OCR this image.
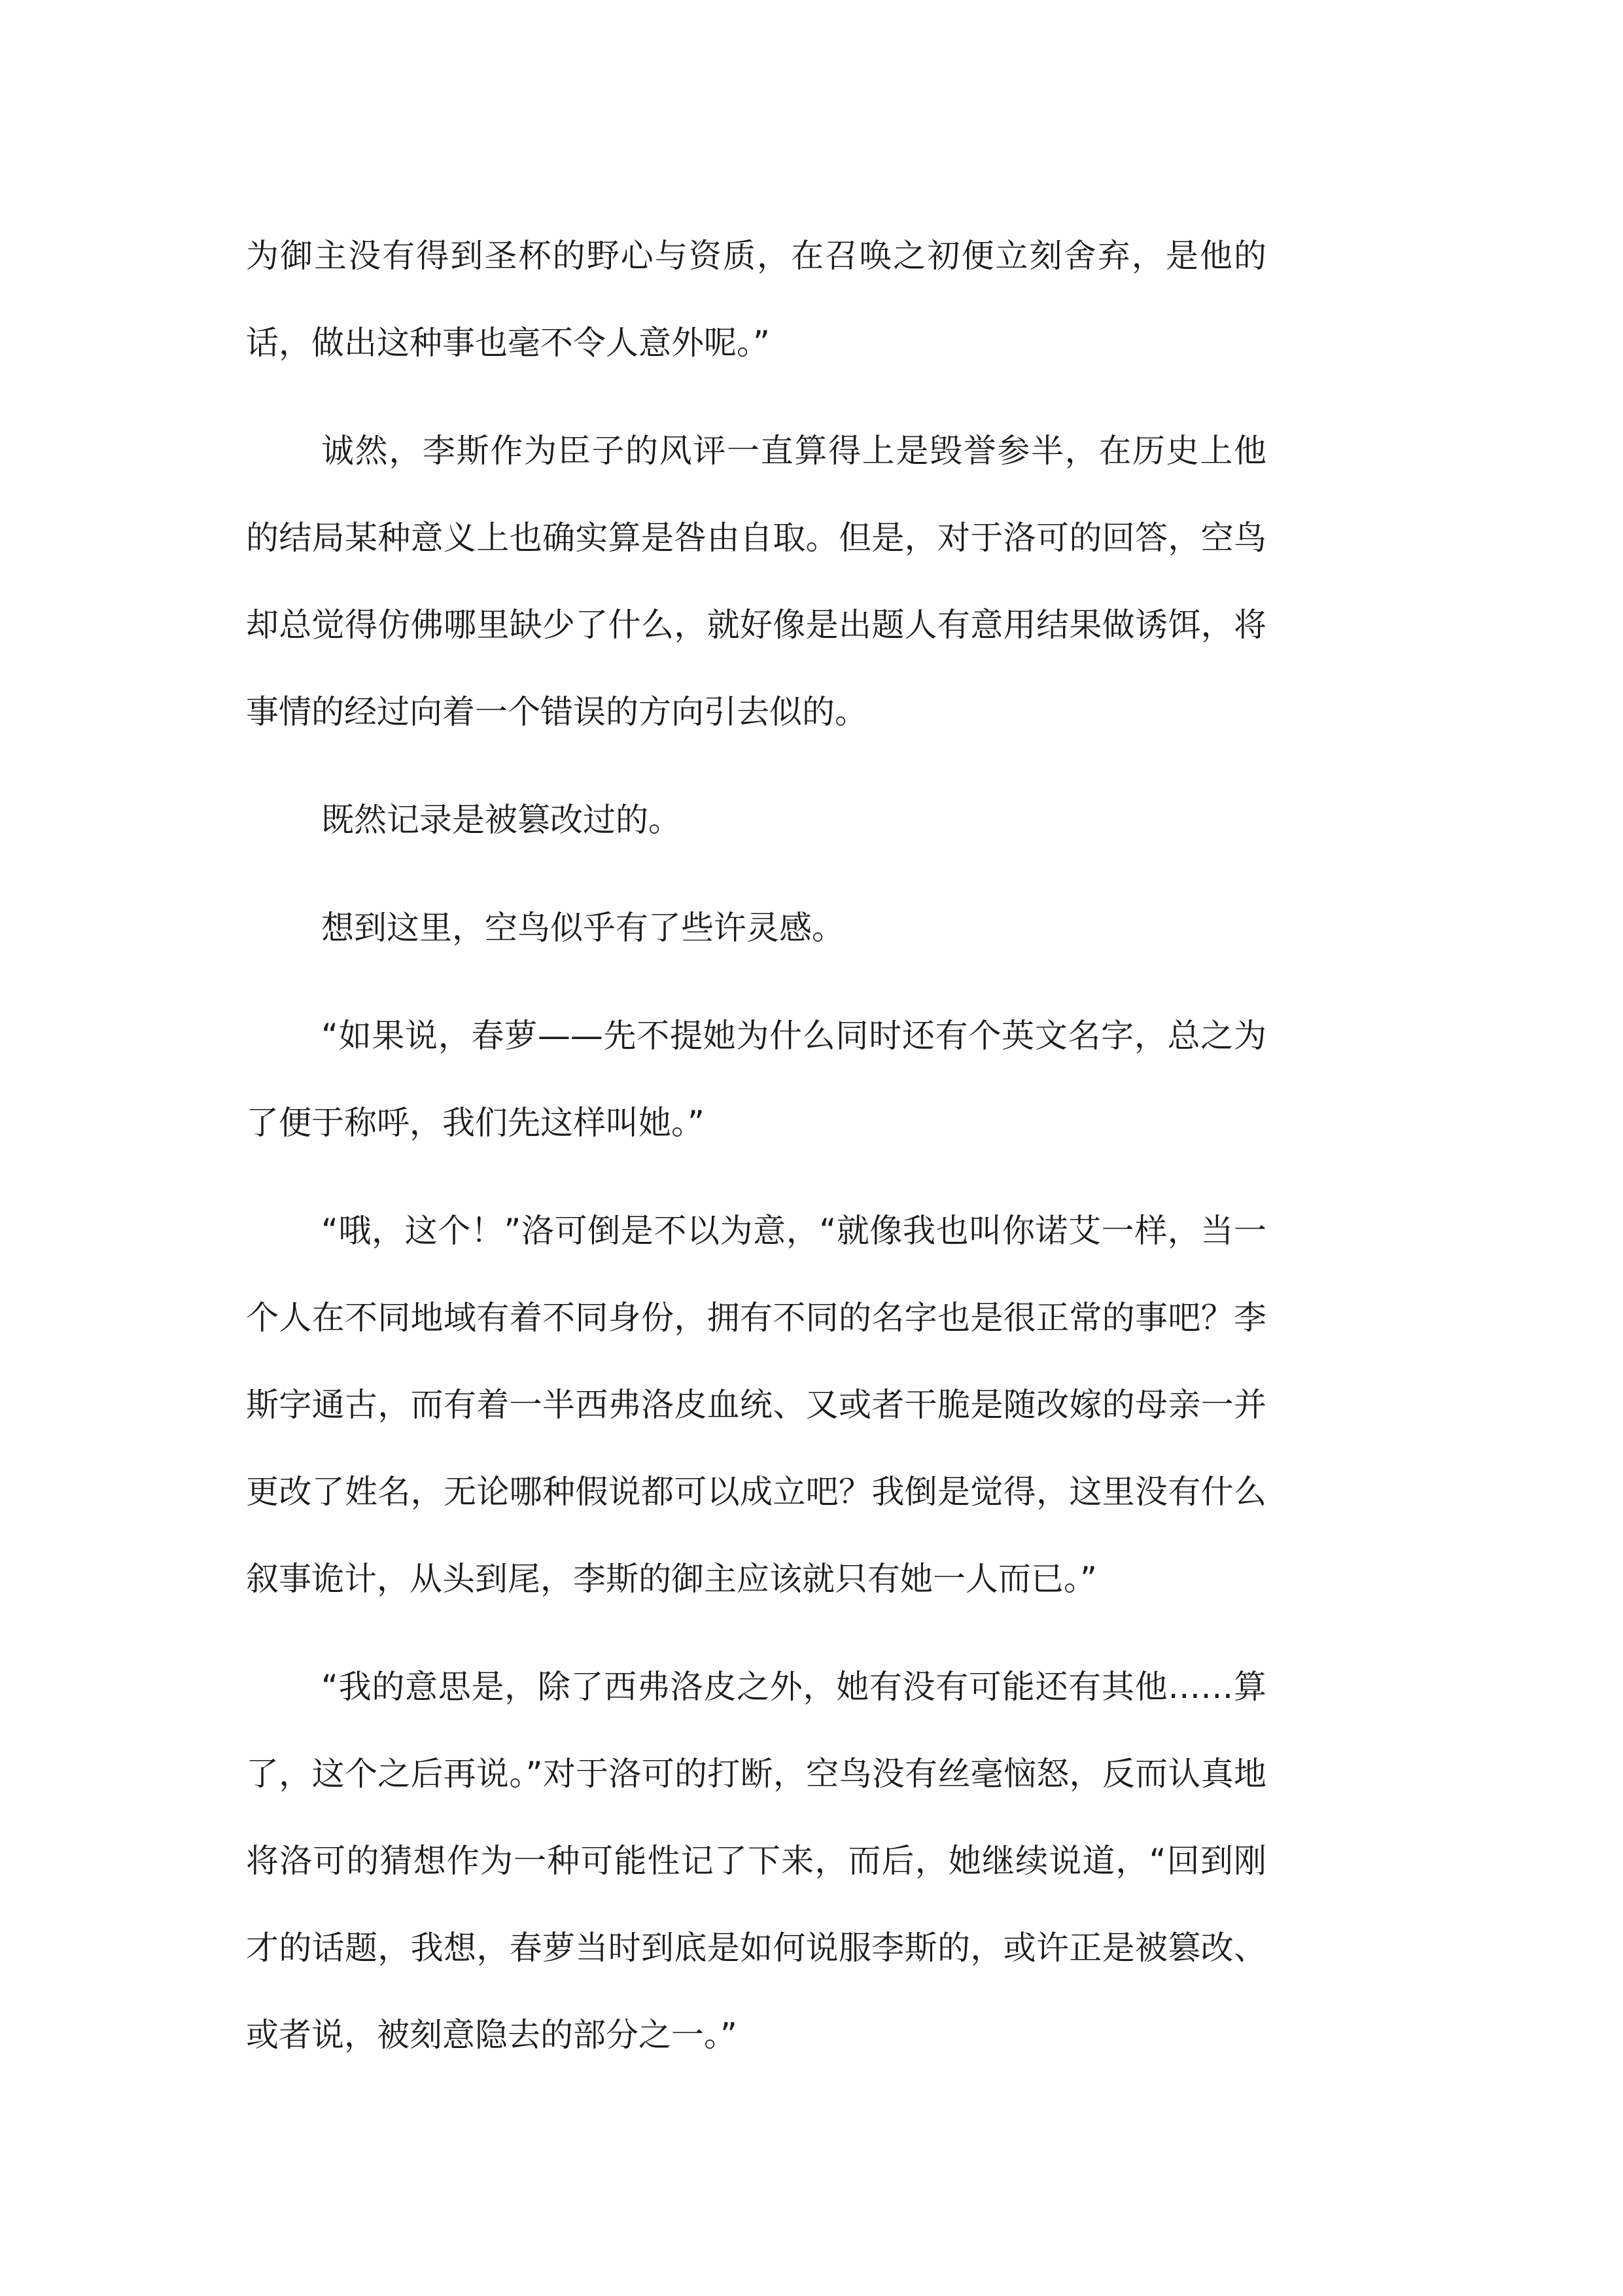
为御主没有得到圣杯的野心与资质，在召唤之初便立刻舍弃，是他的话，做出这种事也毫不令人意外呢。”

诚然，李斯作为臣子的风评一直算得上是毁誉参半，在历史上他的结局某种意义上也确实算是咎由自取。但是，对于洛可的回答，空鸟却总觉得仿佛哪里缺少了什么，就好像是出题人有意用结果做诱饵，将事情的经过向着一个错误的方向引去似的。

既然记录是被篡改过的。

想到这里，空鸟似乎有了些许灵感。

“如果说，春萝——先不提她为什么同时还有个英文名字，总之为了便于称呼，我们先这样叫她。”

“哦，这个！”洛可倒是不以为意，“就像我也叫你诺艾一样，当一个人在不同地域有着不同身份，拥有不同的名字也是很正常的事吧？李斯字通古，而有着一半西弗洛皮血统、又或者干脆是随改嫁的母亲一并更改了姓名，无论哪种假说都可以成立吧？我倒是觉得，这里没有什么叙事诡计，从头到尾，李斯的御主应该就只有她一人而已。”

“我的意思是，除了西弗洛皮之外，她有没有可能还有其他……算了，这个之后再说。”对于洛可的打断，空鸟没有丝毫恼怒，反而认真地将洛可的猜想作为一种可能性记了下来，而后，她继续说道，“回到刚才的话题，我想，春萝当时到底是如何说服李斯的，或许正是被篡改、或者说，被刻意隐去的部分之一。”
